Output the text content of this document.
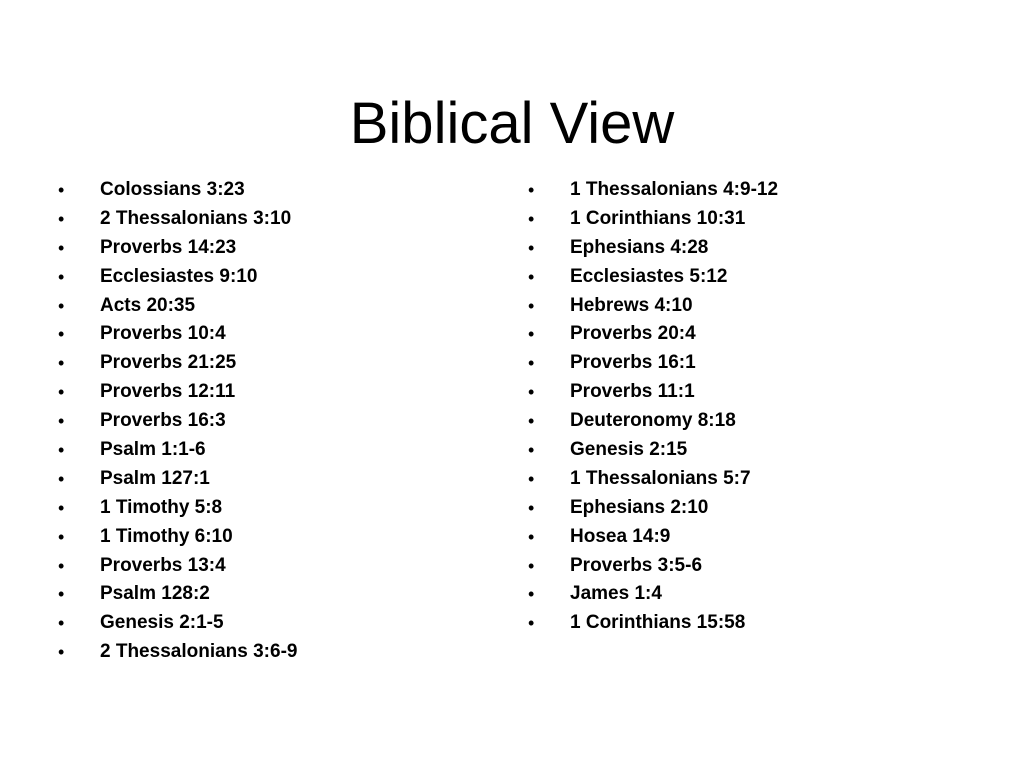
Biblical View
• Colossians 3:23
• 2 Thessalonians 3:10
• Proverbs 14:23
• Ecclesiastes 9:10
• Acts 20:35
• Proverbs 10:4
• Proverbs 21:25
• Proverbs 12:11
• Proverbs 16:3
• Psalm 1:1-6
• Psalm 127:1
• 1 Timothy 5:8
• 1 Timothy 6:10
• Proverbs 13:4
• Psalm 128:2
• Genesis 2:1-5
• 2 Thessalonians 3:6-9
• 1 Thessalonians 4:9-12
• 1 Corinthians 10:31
• Ephesians 4:28
• Ecclesiastes 5:12
• Hebrews 4:10
• Proverbs 20:4
• Proverbs 16:1
• Proverbs 11:1
• Deuteronomy 8:18
• Genesis 2:15
• 1 Thessalonians 5:7
• Ephesians 2:10
• Hosea 14:9
• Proverbs 3:5-6
• James 1:4
• 1 Corinthians 15:58
